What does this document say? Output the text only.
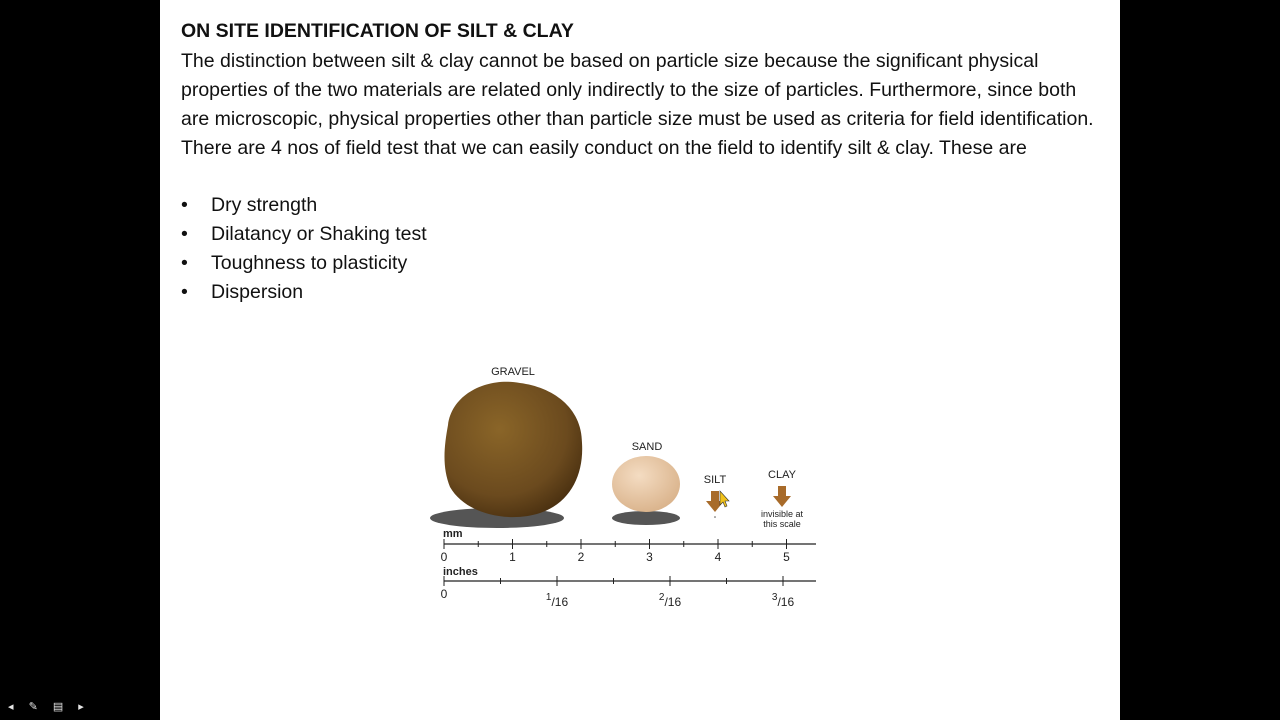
ON SITE IDENTIFICATION OF SILT & CLAY

The distinction between silt & clay cannot be based on particle size because the significant physical properties of the two materials are related only indirectly to the size of particles. Furthermore, since both are microscopic, physical properties other than particle size must be used as criteria for field identification. There are 4 nos of field test that we can easily conduct on the field to identify silt & clay. These are

• Dry strength
• Dilatancy or Shaking test
• Toughness to plasticity
• Dispersion
GRAVEL
SAND
SILT	CLAY
invisible at
this scale
mm
0	1	2	3	4	5
inches
0	$^1$/16	$^2$/16	$^3$/16
◂ ✎ ▤ ▸
